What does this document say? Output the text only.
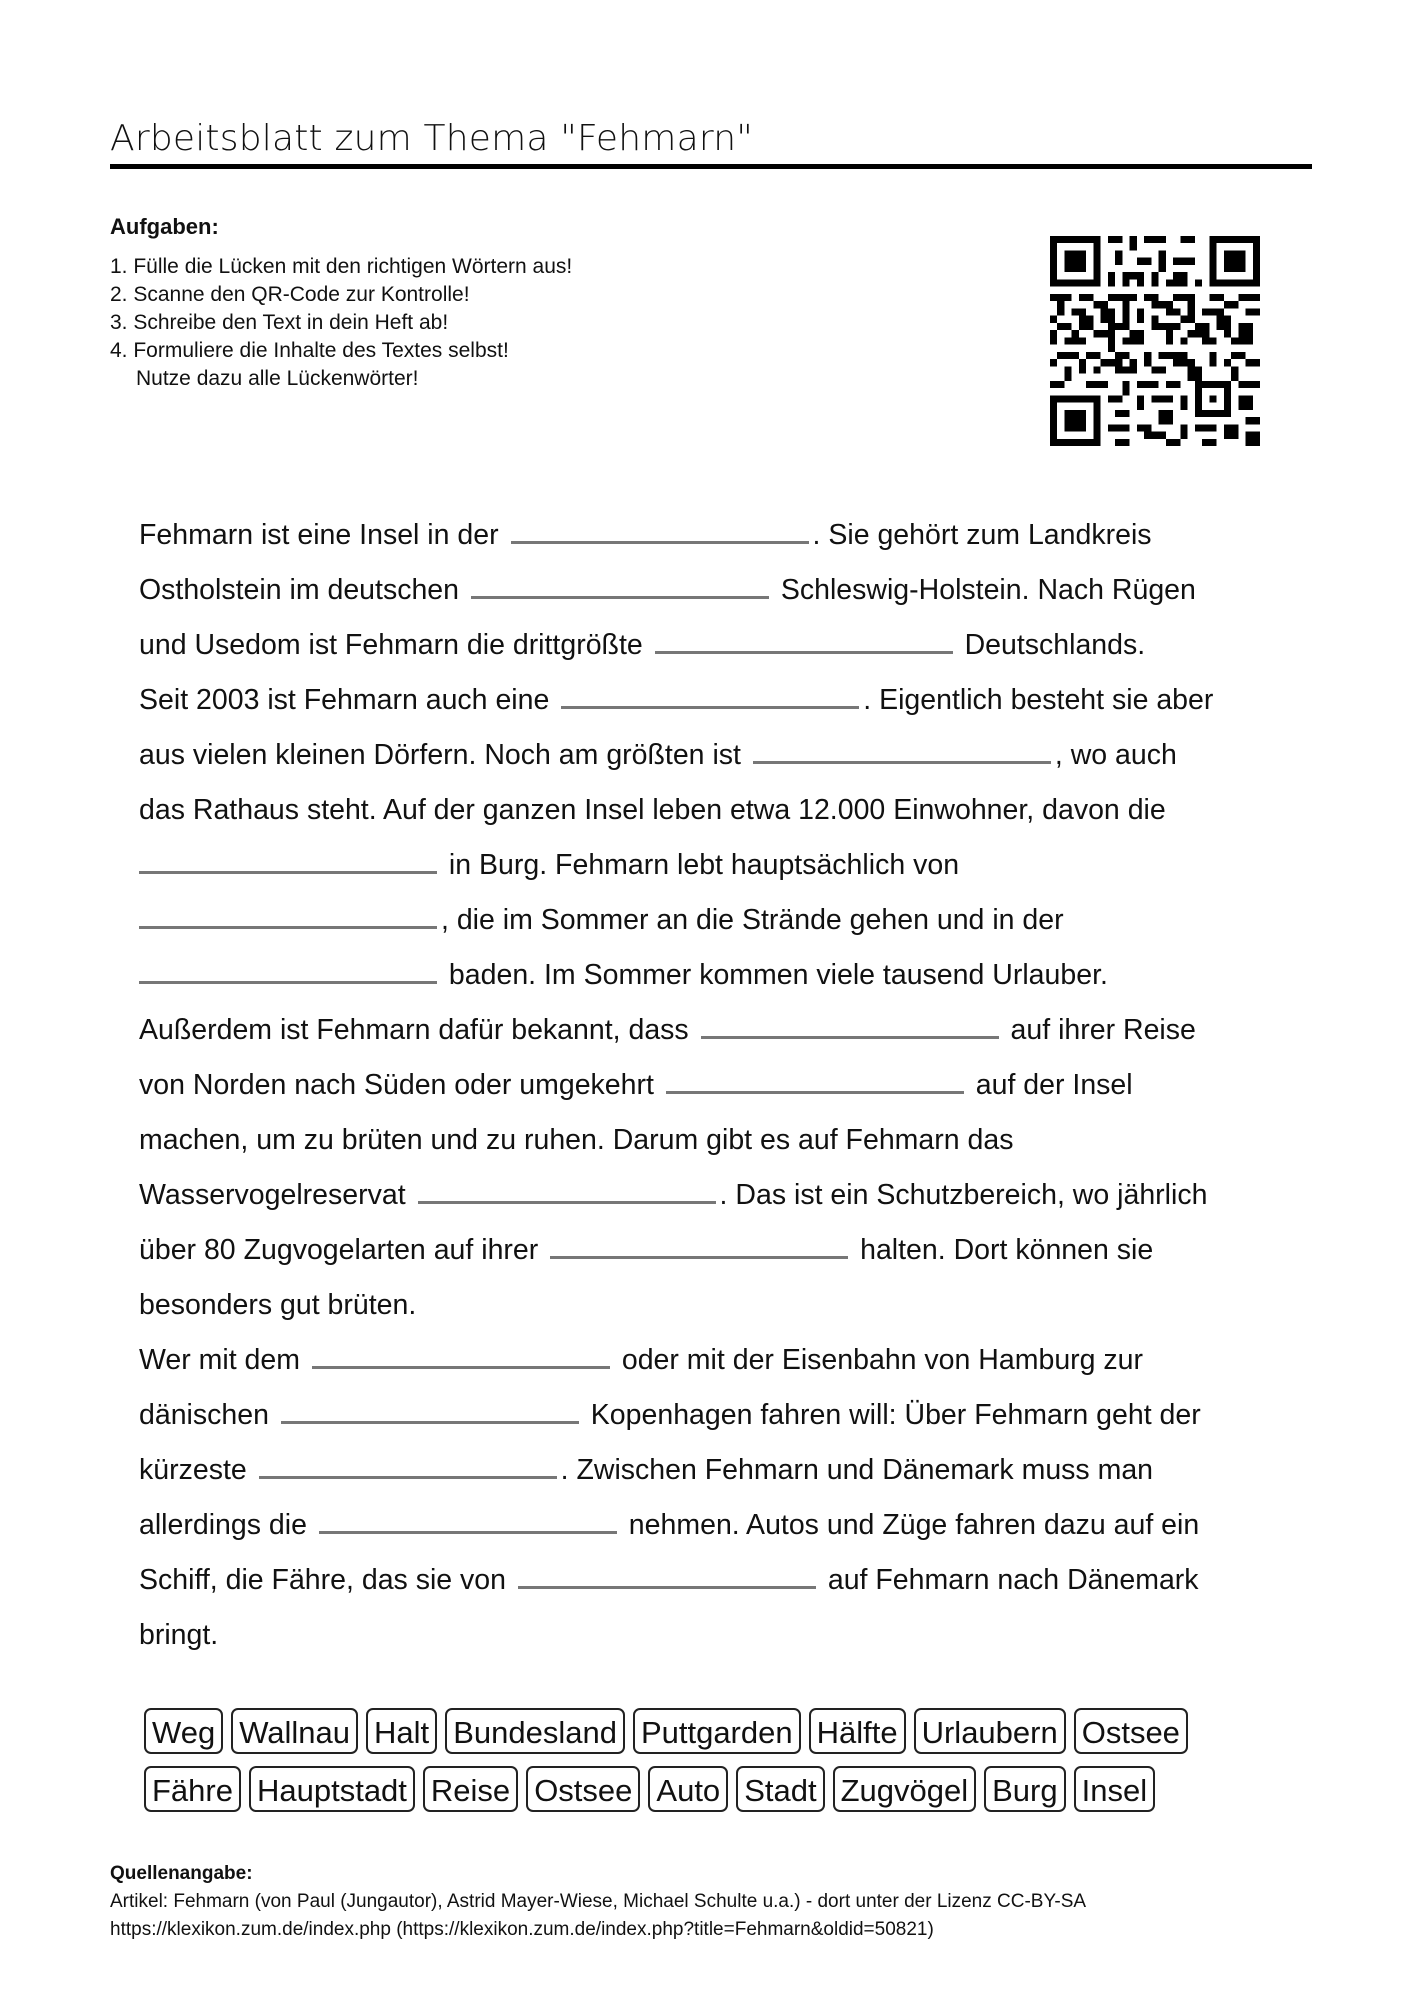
Arbeitsblatt zum Thema "Fehmarn"
Aufgaben:
1. Fülle die Lücken mit den richtigen Wörtern aus!
2. Scanne den QR-Code zur Kontrolle!
3. Schreibe den Text in dein Heft ab!
4. Formuliere die Inhalte des Textes selbst!
Nutze dazu alle Lückenwörter!
Fehmarn ist eine Insel in der	. Sie gehört zum Landkreis
Ostholstein im deutschen	Schleswig-Holstein. Nach Rügen
und Usedom ist Fehmarn die drittgrößte	Deutschlands.
Seit 2003 ist Fehmarn auch eine	. Eigentlich besteht sie aber
aus vielen kleinen Dörfern. Noch am größten ist	, wo auch
das Rathaus steht. Auf der ganzen Insel leben etwa 12.000 Einwohner, davon die
in Burg. Fehmarn lebt hauptsächlich von
, die im Sommer an die Strände gehen und in der
baden. Im Sommer kommen viele tausend Urlauber.
Außerdem ist Fehmarn dafür bekannt, dass	auf ihrer Reise
von Norden nach Süden oder umgekehrt	auf der Insel
machen, um zu brüten und zu ruhen. Darum gibt es auf Fehmarn das
Wasservogelreservat	. Das ist ein Schutzbereich, wo jährlich
über 80 Zugvogelarten auf ihrer	halten. Dort können sie
besonders gut brüten.
Wer mit dem	oder mit der Eisenbahn von Hamburg zur
dänischen	Kopenhagen fahren will: Über Fehmarn geht der
kürzeste	. Zwischen Fehmarn und Dänemark muss man
allerdings die	nehmen. Autos und Züge fahren dazu auf ein
Schiff, die Fähre, das sie von	auf Fehmarn nach Dänemark
bringt.
Weg Wallnau Halt Bundesland Puttgarden Hälfte Urlaubern Ostsee
Fähre Hauptstadt Reise Ostsee Auto Stadt Zugvögel Burg Insel
Quellenangabe:
Artikel: Fehmarn (von Paul (Jungautor), Astrid Mayer-Wiese, Michael Schulte u.a.) - dort unter der Lizenz CC-BY-SA
https://klexikon.zum.de/index.php (https://klexikon.zum.de/index.php?title=Fehmarn&oldid=50821)
